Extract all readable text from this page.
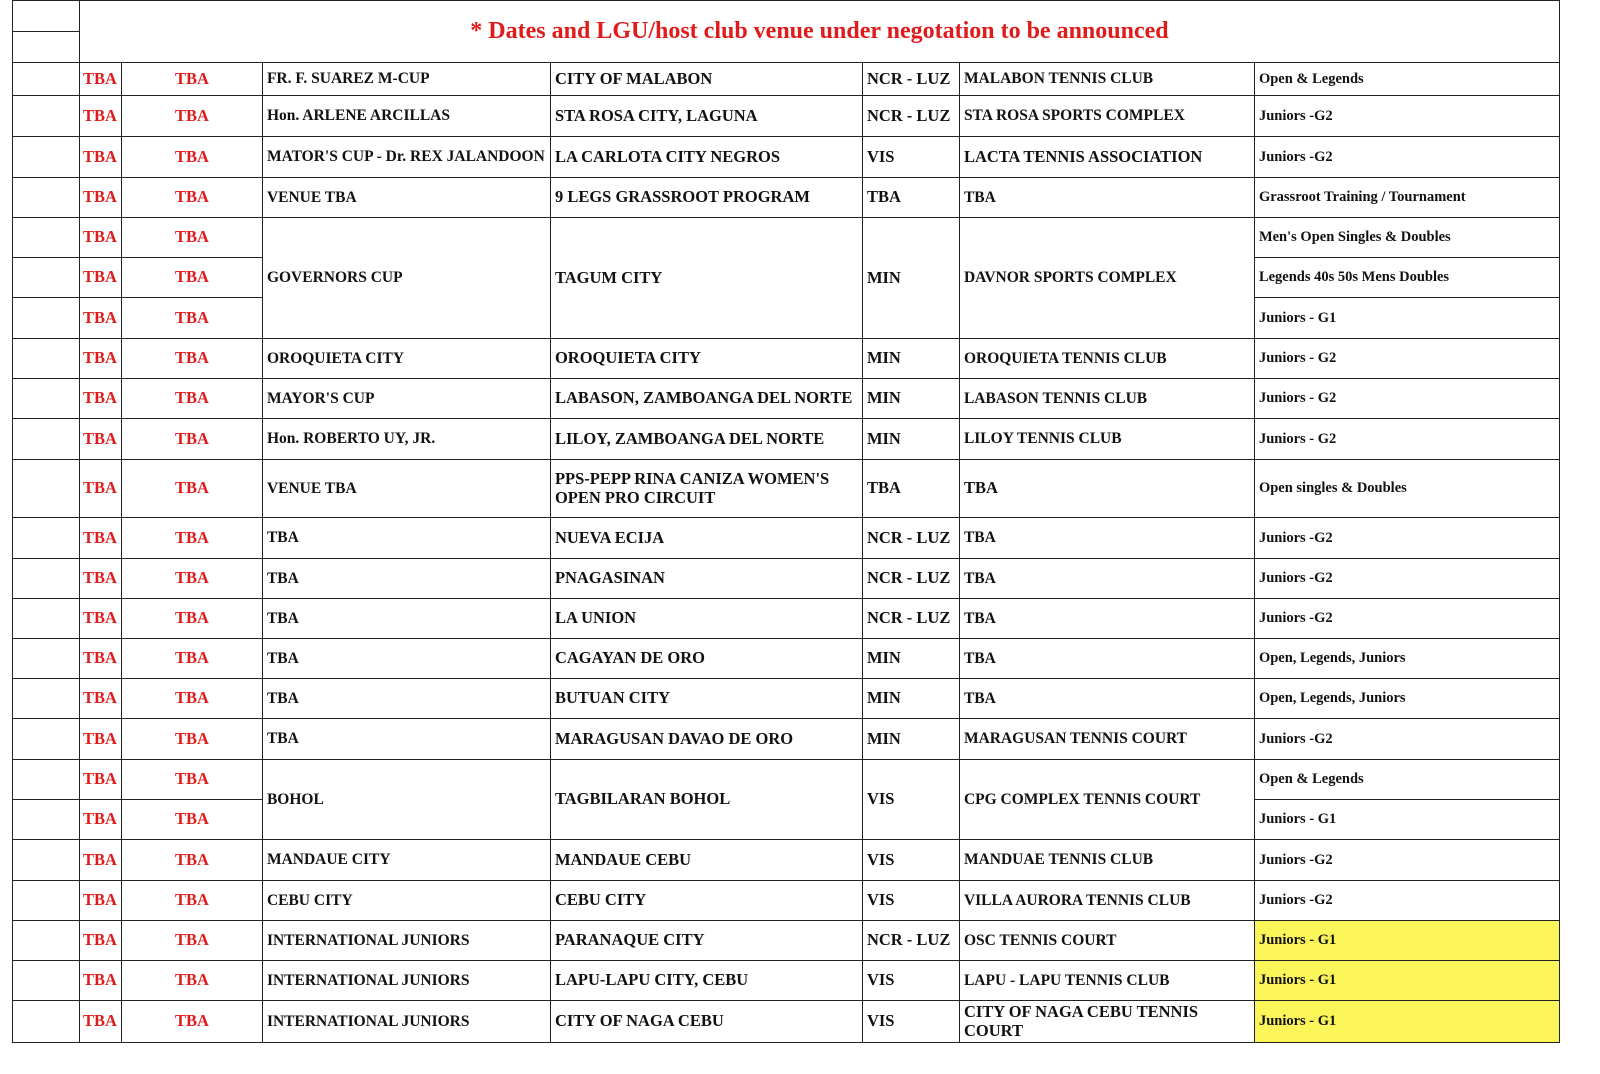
	* Dates and LGU/host club venue under negotation to be announced						
	TBA	TBA	FR. F. SUAREZ M-CUP	CITY OF MALABON	NCR - LUZ	MALABON TENNIS CLUB	Open & Legends
	TBA	TBA	Hon. ARLENE ARCILLAS	STA ROSA CITY, LAGUNA	NCR - LUZ	STA ROSA SPORTS COMPLEX	Juniors -G2
	TBA	TBA	MATOR'S CUP - Dr. REX JALANDOON	LA CARLOTA CITY NEGROS	VIS	LACTA TENNIS ASSOCIATION	Juniors -G2
	TBA	TBA	VENUE TBA	9 LEGS GRASSROOT PROGRAM	TBA	TBA	Grassroot Training / Tournament
	TBA	TBA	GOVERNORS CUP	TAGUM CITY	MIN	DAVNOR SPORTS COMPLEX	Men's Open Singles & Doubles
	TBA	TBA					Legends 40s 50s Mens Doubles
	TBA	TBA					Juniors - G1
	TBA	TBA	OROQUIETA CITY	OROQUIETA CITY	MIN	OROQUIETA TENNIS CLUB	Juniors - G2
	TBA	TBA	MAYOR'S CUP	LABASON, ZAMBOANGA DEL NORTE	MIN	LABASON TENNIS CLUB	Juniors - G2
	TBA	TBA	Hon. ROBERTO UY, JR.	LILOY, ZAMBOANGA DEL NORTE	MIN	LILOY TENNIS CLUB	Juniors - G2
	TBA	TBA	VENUE TBA	PPS-PEPP RINA CANIZA WOMEN'S OPEN PRO CIRCUIT	TBA	TBA	Open singles & Doubles
	TBA	TBA	TBA	NUEVA ECIJA	NCR - LUZ	TBA	Juniors -G2
	TBA	TBA	TBA	PNAGASINAN	NCR - LUZ	TBA	Juniors -G2
	TBA	TBA	TBA	LA UNION	NCR - LUZ	TBA	Juniors -G2
	TBA	TBA	TBA	CAGAYAN DE ORO	MIN	TBA	Open, Legends, Juniors
	TBA	TBA	TBA	BUTUAN CITY	MIN	TBA	Open, Legends, Juniors
	TBA	TBA	TBA	MARAGUSAN DAVAO DE ORO	MIN	MARAGUSAN TENNIS COURT	Juniors -G2
	TBA	TBA	BOHOL	TAGBILARAN BOHOL	VIS	CPG COMPLEX TENNIS COURT	Open & Legends
	TBA	TBA					Juniors - G1
	TBA	TBA	MANDAUE CITY	MANDAUE CEBU	VIS	MANDUAE TENNIS CLUB	Juniors -G2
	TBA	TBA	CEBU CITY	CEBU CITY	VIS	VILLA AURORA TENNIS CLUB	Juniors -G2
	TBA	TBA	INTERNATIONAL JUNIORS	PARANAQUE CITY	NCR - LUZ	OSC TENNIS COURT	Juniors - G1
	TBA	TBA	INTERNATIONAL JUNIORS	LAPU-LAPU CITY, CEBU	VIS	LAPU - LAPU TENNIS CLUB	Juniors - G1
	TBA	TBA	INTERNATIONAL JUNIORS	CITY OF NAGA CEBU	VIS	CITY OF NAGA CEBU TENNIS COURT	Juniors - G1
